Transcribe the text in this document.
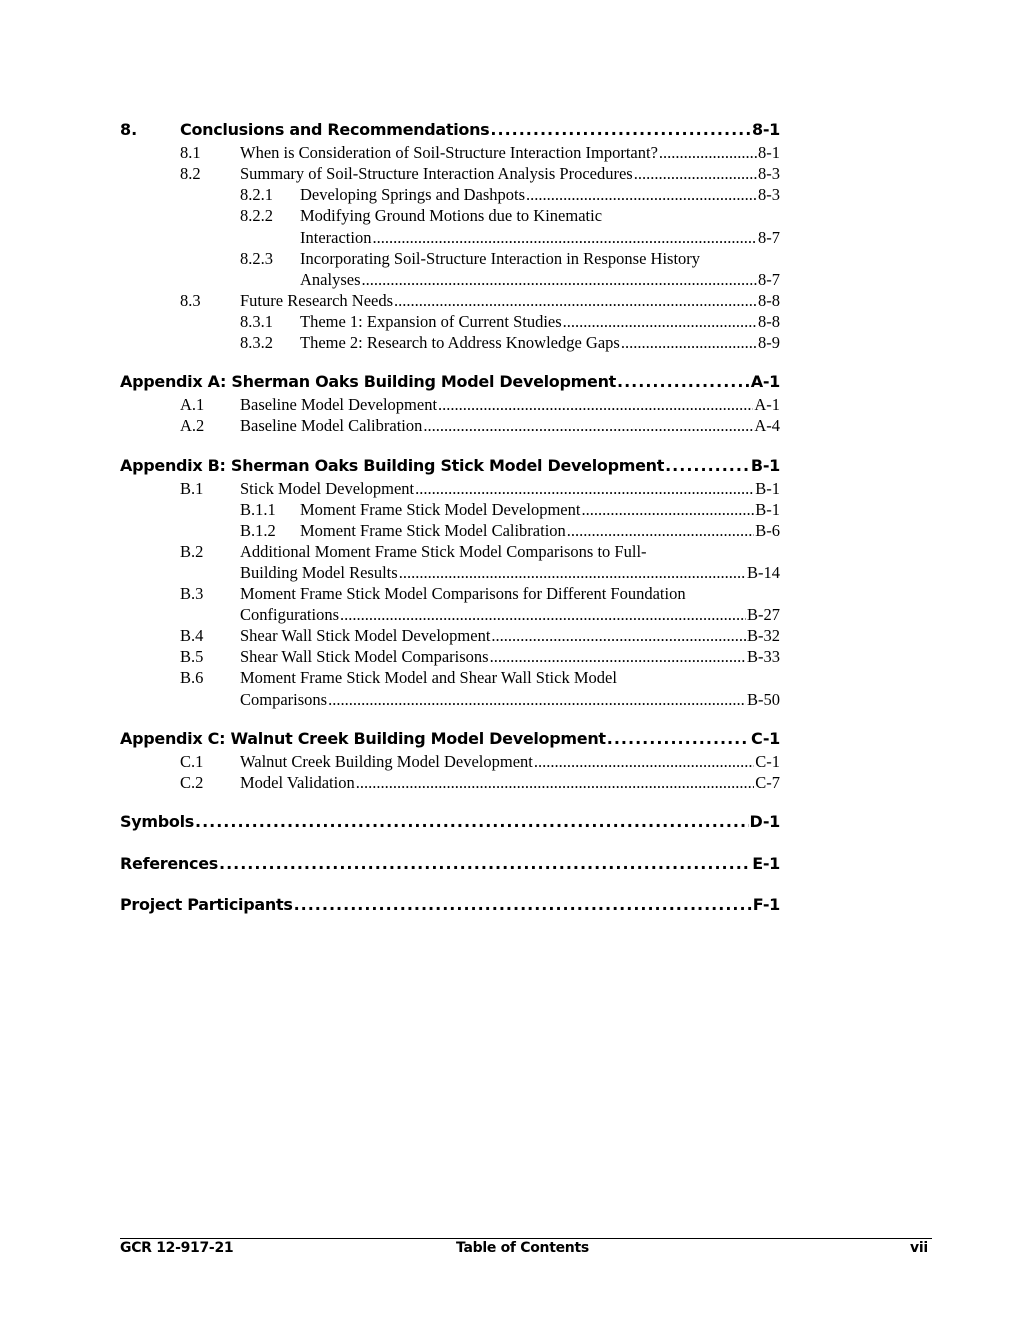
8.	Conclusions and Recommendations .....	8-1
8.1 When is Consideration of Soil-Structure Interaction Important? .....	8-1
8.2 Summary of Soil-Structure Interaction Analysis Procedures .....	8-3
8.2.1 Developing Springs and Dashpots .....	8-3
8.2.2 Modifying Ground Motions due to Kinematic
Interaction .....	8-7
8.2.3 Incorporating Soil-Structure Interaction in Response History
Analyses .....	8-7
8.3 Future Research Needs .....	8-8
8.3.1 Theme 1: Expansion of Current Studies .....	8-8
8.3.2 Theme 2: Research to Address Knowledge Gaps .....	8-9
Appendix A: Sherman Oaks Building Model Development .....	A-1
A.1 Baseline Model Development .....	A-1
A.2 Baseline Model Calibration .....	A-4
Appendix B: Sherman Oaks Building Stick Model Development .....	B-1
B.1 Stick Model Development .....	B-1
B.1.1 Moment Frame Stick Model Development .....	B-1
B.1.2 Moment Frame Stick Model Calibration .....	B-6
B.2 Additional Moment Frame Stick Model Comparisons to Full-
Building Model Results .....	B-14
B.3 Moment Frame Stick Model Comparisons for Different Foundation
Configurations .....	B-27
B.4 Shear Wall Stick Model Development .....	B-32
B.5 Shear Wall Stick Model Comparisons .....	B-33
B.6 Moment Frame Stick Model and Shear Wall Stick Model
Comparisons .....	B-50
Appendix C: Walnut Creek Building Model Development .....	C-1
C.1 Walnut Creek Building Model Development .....	C-1
C.2 Model Validation .....	C-7
Symbols .....	D-1
References .....	E-1
Project Participants .....	F-1
GCR 12-917-21	Table of Contents	vii
